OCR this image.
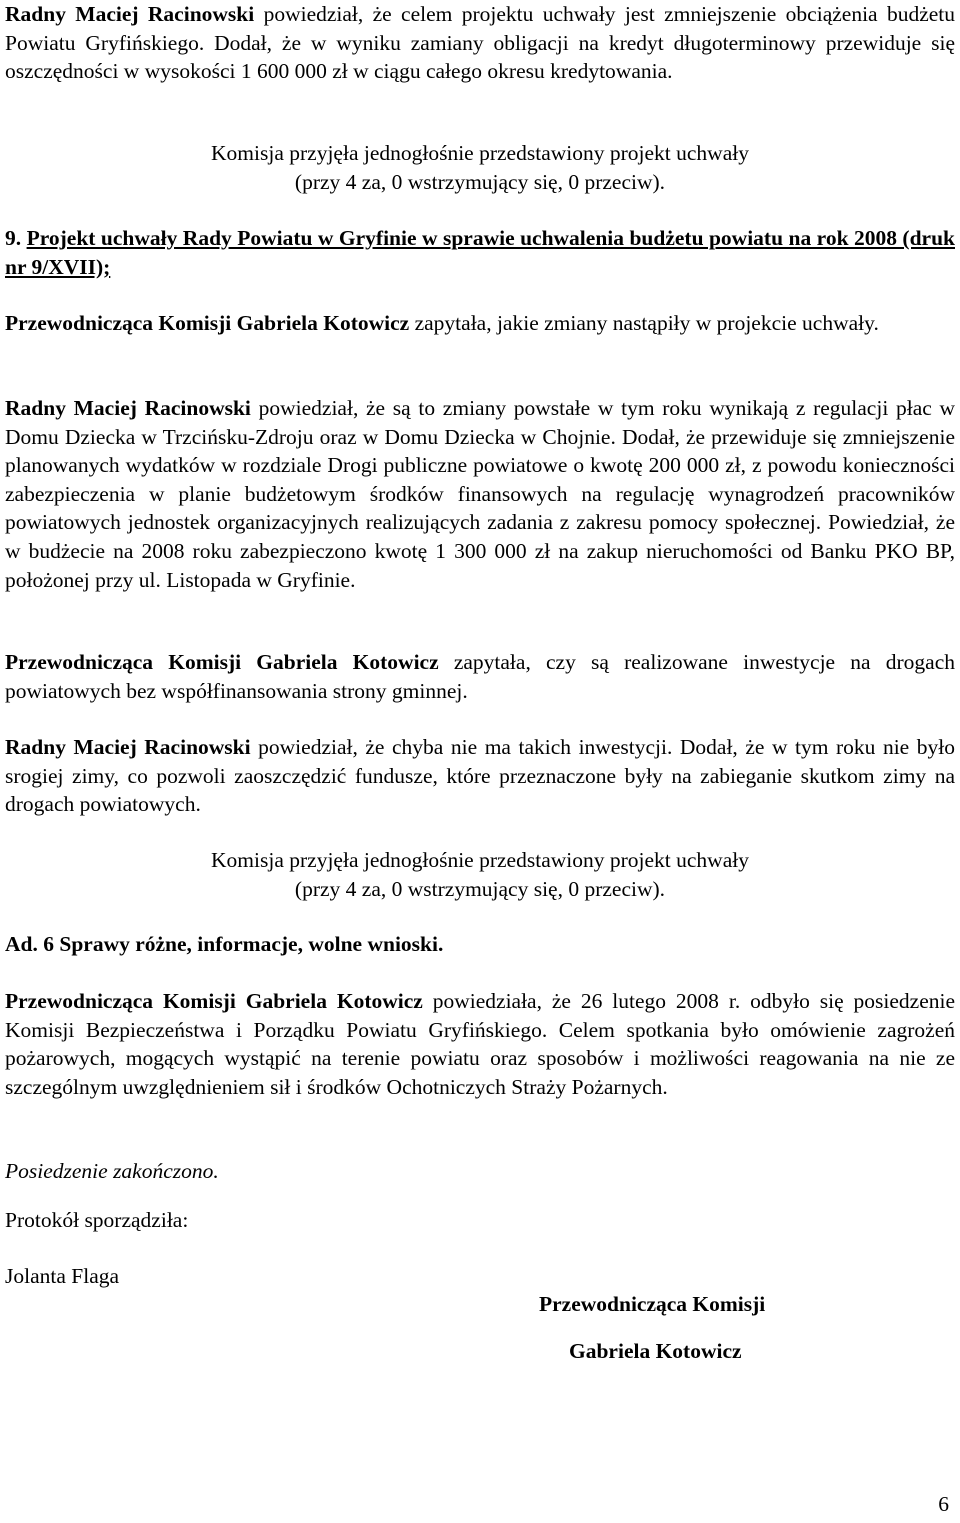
Radny Maciej Racinowski powiedział, że celem projektu uchwały jest zmniejszenie obciążenia budżetu Powiatu Gryfińskiego. Dodał, że w wyniku zamiany obligacji na kredyt długoterminowy przewiduje się oszczędności w wysokości 1 600 000 zł w ciągu całego okresu kredytowania.

Komisja przyjęła jednogłośnie przedstawiony projekt uchwały

(przy 4 za, 0 wstrzymujący się, 0 przeciw).

9. Projekt uchwały Rady Powiatu w Gryfinie w sprawie uchwalenia budżetu powiatu na rok 2008 (druk nr 9/XVII);

Przewodnicząca Komisji Gabriela Kotowicz zapytała, jakie zmiany nastąpiły w projekcie uchwały.

Radny Maciej Racinowski powiedział, że są to zmiany powstałe w tym roku wynikają z regulacji płac w Domu Dziecka w Trzcińsku-Zdroju oraz w Domu Dziecka w Chojnie. Dodał, że przewiduje się zmniejszenie planowanych wydatków w rozdziale Drogi publiczne powiatowe o kwotę 200 000 zł, z powodu konieczności zabezpieczenia w planie budżetowym środków finansowych na regulację wynagrodzeń pracowników powiatowych jednostek organizacyjnych realizujących zadania z zakresu pomocy społecznej. Powiedział, że w budżecie na 2008 roku zabezpieczono kwotę 1 300 000 zł na zakup nieruchomości od Banku PKO BP, położonej przy ul. Listopada w Gryfinie.

Przewodnicząca Komisji Gabriela Kotowicz zapytała, czy są realizowane inwestycje na drogach powiatowych bez współfinansowania strony gminnej.

Radny Maciej Racinowski powiedział, że chyba nie ma takich inwestycji. Dodał, że w tym roku nie było srogiej zimy, co pozwoli zaoszczędzić fundusze, które przeznaczone były na zabieganie skutkom zimy na drogach powiatowych.

Komisja przyjęła jednogłośnie przedstawiony projekt uchwały

(przy 4 za, 0 wstrzymujący się, 0 przeciw).

Ad. 6 Sprawy różne, informacje, wolne wnioski.

Przewodnicząca Komisji Gabriela Kotowicz powiedziała, że 26 lutego 2008 r. odbyło się posiedzenie Komisji Bezpieczeństwa i Porządku Powiatu Gryfińskiego. Celem spotkania było omówienie zagrożeń pożarowych, mogących wystąpić na terenie powiatu oraz sposobów i możliwości reagowania na nie ze szczególnym uwzględnieniem sił i środków Ochotniczych Straży Pożarnych.

Posiedzenie zakończono.

Protokół sporządziła:

Jolanta Flaga

Przewodnicząca Komisji
Gabriela Kotowicz
6
